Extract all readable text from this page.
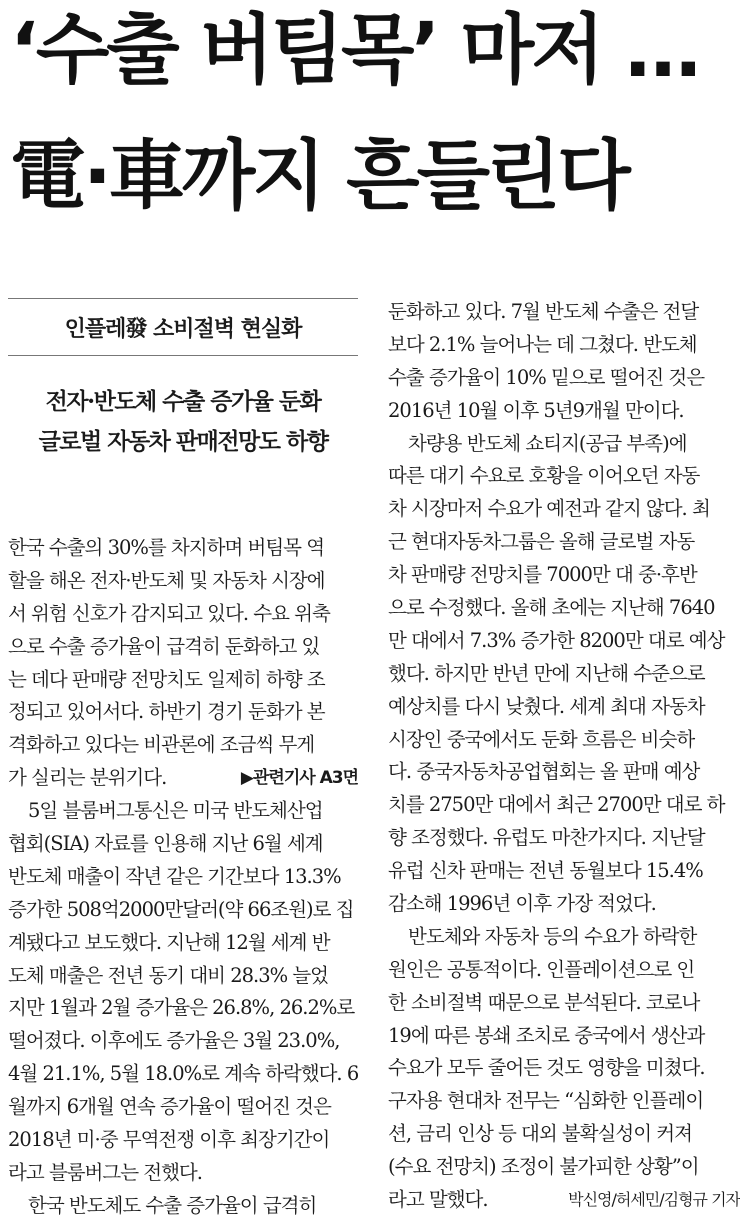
‘수출 버팀목’ 마저 …
電·車까지 흔들린다
인플레發 소비절벽 현실화
전자·반도체 수출 증가율 둔화
글로벌 자동차 판매전망도 하향
한국 수출의 30%를 차지하며 버팀목 역
할을 해온 전자·반도체 및 자동차 시장에
서 위험 신호가 감지되고 있다. 수요 위축
으로 수출 증가율이 급격히 둔화하고 있
는 데다 판매량 전망치도 일제히 하향 조
정되고 있어서다. 하반기 경기 둔화가 본
격화하고 있다는 비관론에 조금씩 무게
가 실리는 분위기다.	▶관련기사 A3면
5일 블룸버그통신은 미국 반도체산업
협회(SIA) 자료를 인용해 지난 6월 세계
반도체 매출이 작년 같은 기간보다 13.3%
증가한 508억2000만달러(약 66조원)로 집
계됐다고 보도했다. 지난해 12월 세계 반
도체 매출은 전년 동기 대비 28.3% 늘었
지만 1월과 2월 증가율은 26.8%, 26.2%로
떨어졌다. 이후에도 증가율은 3월 23.0%,
4월 21.1%, 5월 18.0%로 계속 하락했다. 6
월까지 6개월 연속 증가율이 떨어진 것은
2018년 미·중 무역전쟁 이후 최장기간이
라고 블룸버그는 전했다.
한국 반도체도 수출 증가율이 급격히
둔화하고 있다. 7월 반도체 수출은 전달
보다 2.1% 늘어나는 데 그쳤다. 반도체
수출 증가율이 10% 밑으로 떨어진 것은
2016년 10월 이후 5년9개월 만이다.
차량용 반도체 쇼티지(공급 부족)에
따른 대기 수요로 호황을 이어오던 자동
차 시장마저 수요가 예전과 같지 않다. 최
근 현대자동차그룹은 올해 글로벌 자동
차 판매량 전망치를 7000만 대 중·후반
으로 수정했다. 올해 초에는 지난해 7640
만 대에서 7.3% 증가한 8200만 대로 예상
했다. 하지만 반년 만에 지난해 수준으로
예상치를 다시 낮췄다. 세계 최대 자동차
시장인 중국에서도 둔화 흐름은 비슷하
다. 중국자동차공업협회는 올 판매 예상
치를 2750만 대에서 최근 2700만 대로 하
향 조정했다. 유럽도 마찬가지다. 지난달
유럽 신차 판매는 전년 동월보다 15.4%
감소해 1996년 이후 가장 적었다.
반도체와 자동차 등의 수요가 하락한
원인은 공통적이다. 인플레이션으로 인
한 소비절벽 때문으로 분석된다. 코로나
19에 따른 봉쇄 조치로 중국에서 생산과
수요가 모두 줄어든 것도 영향을 미쳤다.
구자용 현대차 전무는 “심화한 인플레이
션, 금리 인상 등 대외 불확실성이 커져
(수요 전망치) 조정이 불가피한 상황”이
라고 말했다.	박신영/허세민/김형규 기자
